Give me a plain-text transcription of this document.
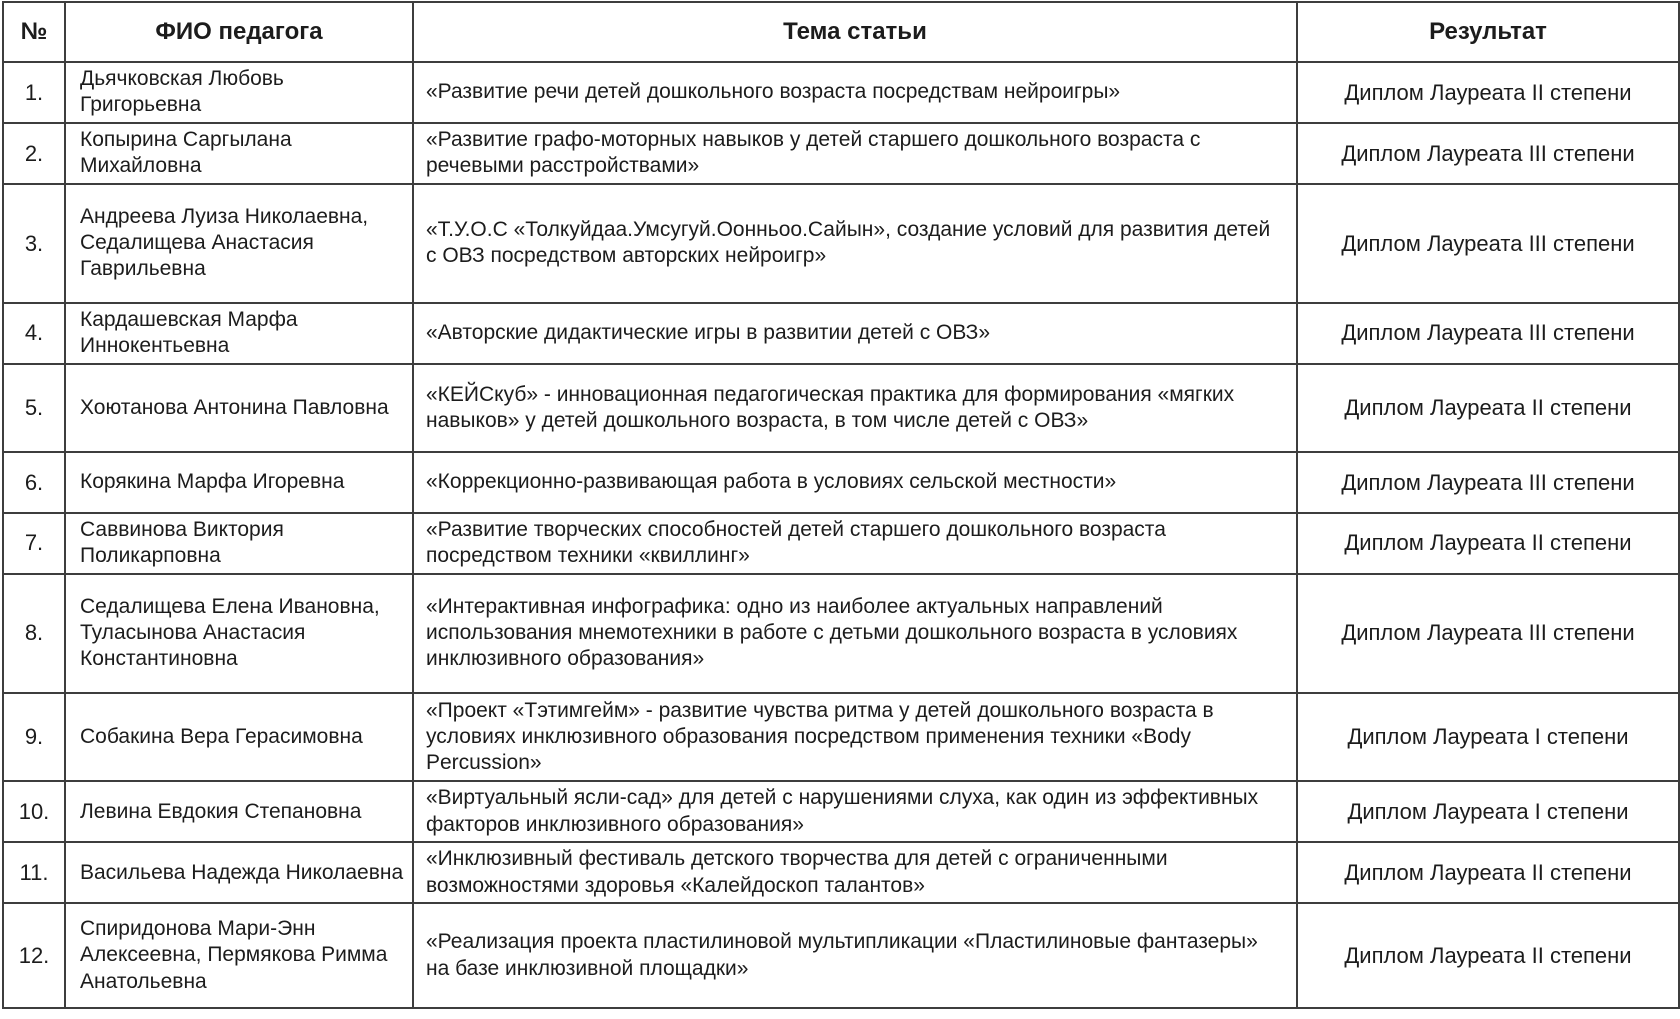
№	ФИО педагога	Тема статьи	Результат
1.	Дьячковская Любовь Григорьевна	«Развитие речи детей дошкольного возраста посредствам нейроигры»	Диплом Лауреата II степени
2.	Копырина Саргылана Михайловна	«Развитие графо-моторных навыков у детей старшего дошкольного возраста с речевыми расстройствами»	Диплом Лауреата III степени
3.	Андреева Луиза Николаевна, Седалищева Анастасия Гаврильевна	«Т.У.О.С «Толкуйдаа.Умсугуй.Оонньоо.Сайын», создание условий для развития детей с ОВЗ посредством авторских нейроигр»	Диплом Лауреата III степени
4.	Кардашевская Марфа Иннокентьевна	«Авторские дидактические игры в развитии детей с ОВЗ»	Диплом Лауреата III степени
5.	Хоютанова Антонина Павловна	«КЕЙСкуб» - инновационная педагогическая практика для формирования «мягких навыков» у детей дошкольного возраста, в том числе детей с ОВЗ»	Диплом Лауреата II степени
6.	Корякина Марфа Игоревна	«Коррекционно-развивающая работа в условиях сельской местности»	Диплом Лауреата III степени
7.	Саввинова Виктория Поликарповна	«Развитие творческих способностей детей старшего дошкольного возраста посредством техники «квиллинг»	Диплом Лауреата II степени
8.	Седалищева Елена Ивановна, Туласынова Анастасия Константиновна	«Интерактивная инфографика: одно из наиболее актуальных направлений использования мнемотехники в работе с детьми дошкольного возраста в условиях инклюзивного образования»	Диплом Лауреата III степени
9.	Собакина Вера Герасимовна	«Проект «Тэтимгейм» - развитие чувства ритма у детей дошкольного возраста в условиях инклюзивного образования посредством применения техники «Body Percussion»	Диплом Лауреата I степени
10.	Левина Евдокия Степановна	«Виртуальный ясли-сад» для детей с нарушениями слуха, как один из эффективных факторов инклюзивного образования»	Диплом Лауреата I степени
11.	Васильева Надежда Николаевна	«Инклюзивный фестиваль детского творчества для детей с ограниченными возможностями здоровья «Калейдоскоп талантов»	Диплом Лауреата II степени
12.	Спиридонова Мари-Энн Алексеевна, Пермякова Римма Анатольевна	«Реализация проекта пластилиновой мультипликации «Пластилиновые фантазеры» на базе инклюзивной площадки»	Диплом Лауреата II степени
